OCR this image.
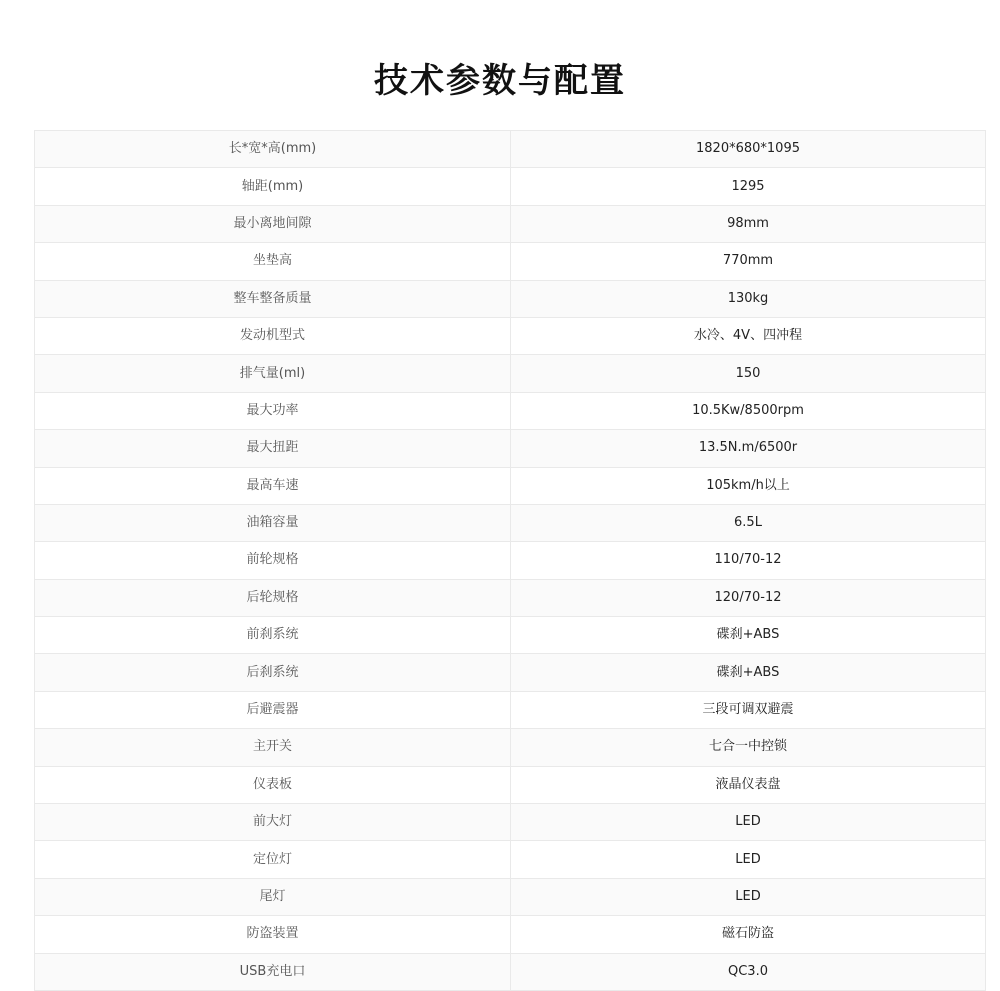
技术参数与配置
长*宽*高(mm)	1820*680*1095
轴距(mm)	1295
最小离地间隙	98mm
坐垫高	770mm
整车整备质量	130kg
发动机型式	水冷、4V、四冲程
排气量(ml)	150
最大功率	10.5Kw/8500rpm
最大扭距	13.5N.m/6500r
最高车速	105km/h以上
油箱容量	6.5L
前轮规格	110/70-12
后轮规格	120/70-12
前刹系统	碟刹+ABS
后刹系统	碟刹+ABS
后避震器	三段可调双避震
主开关	七合一中控锁
仪表板	液晶仪表盘
前大灯	LED
定位灯	LED
尾灯	LED
防盗装置	磁石防盗
USB充电口	QC3.0
